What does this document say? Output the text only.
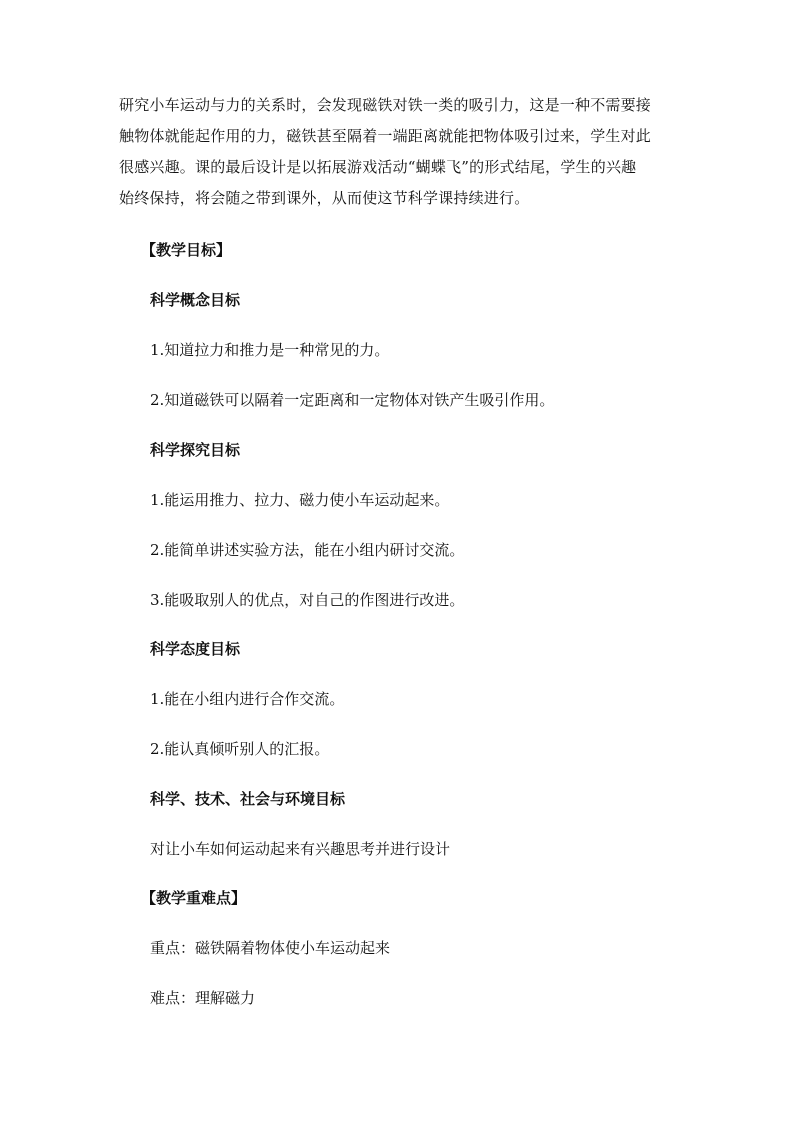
研究小车运动与力的关系时，会发现磁铁对铁一类的吸引力，这是一种不需要接
触物体就能起作用的力，磁铁甚至隔着一端距离就能把物体吸引过来，学生对此
很感兴趣。课的最后设计是以拓展游戏活动“蝴蝶飞”的形式结尾，学生的兴趣
始终保持，将会随之带到课外，从而使这节科学课持续进行。

【教学目标】

科学概念目标

1.知道拉力和推力是一种常见的力。

2.知道磁铁可以隔着一定距离和一定物体对铁产生吸引作用。

科学探究目标

1.能运用推力、拉力、磁力使小车运动起来。

2.能简单讲述实验方法，能在小组内研讨交流。

3.能吸取别人的优点，对自己的作图进行改进。

科学态度目标

1.能在小组内进行合作交流。

2.能认真倾听别人的汇报。

科学、技术、社会与环境目标

对让小车如何运动起来有兴趣思考并进行设计

【教学重难点】

重点：磁铁隔着物体使小车运动起来

难点：理解磁力
